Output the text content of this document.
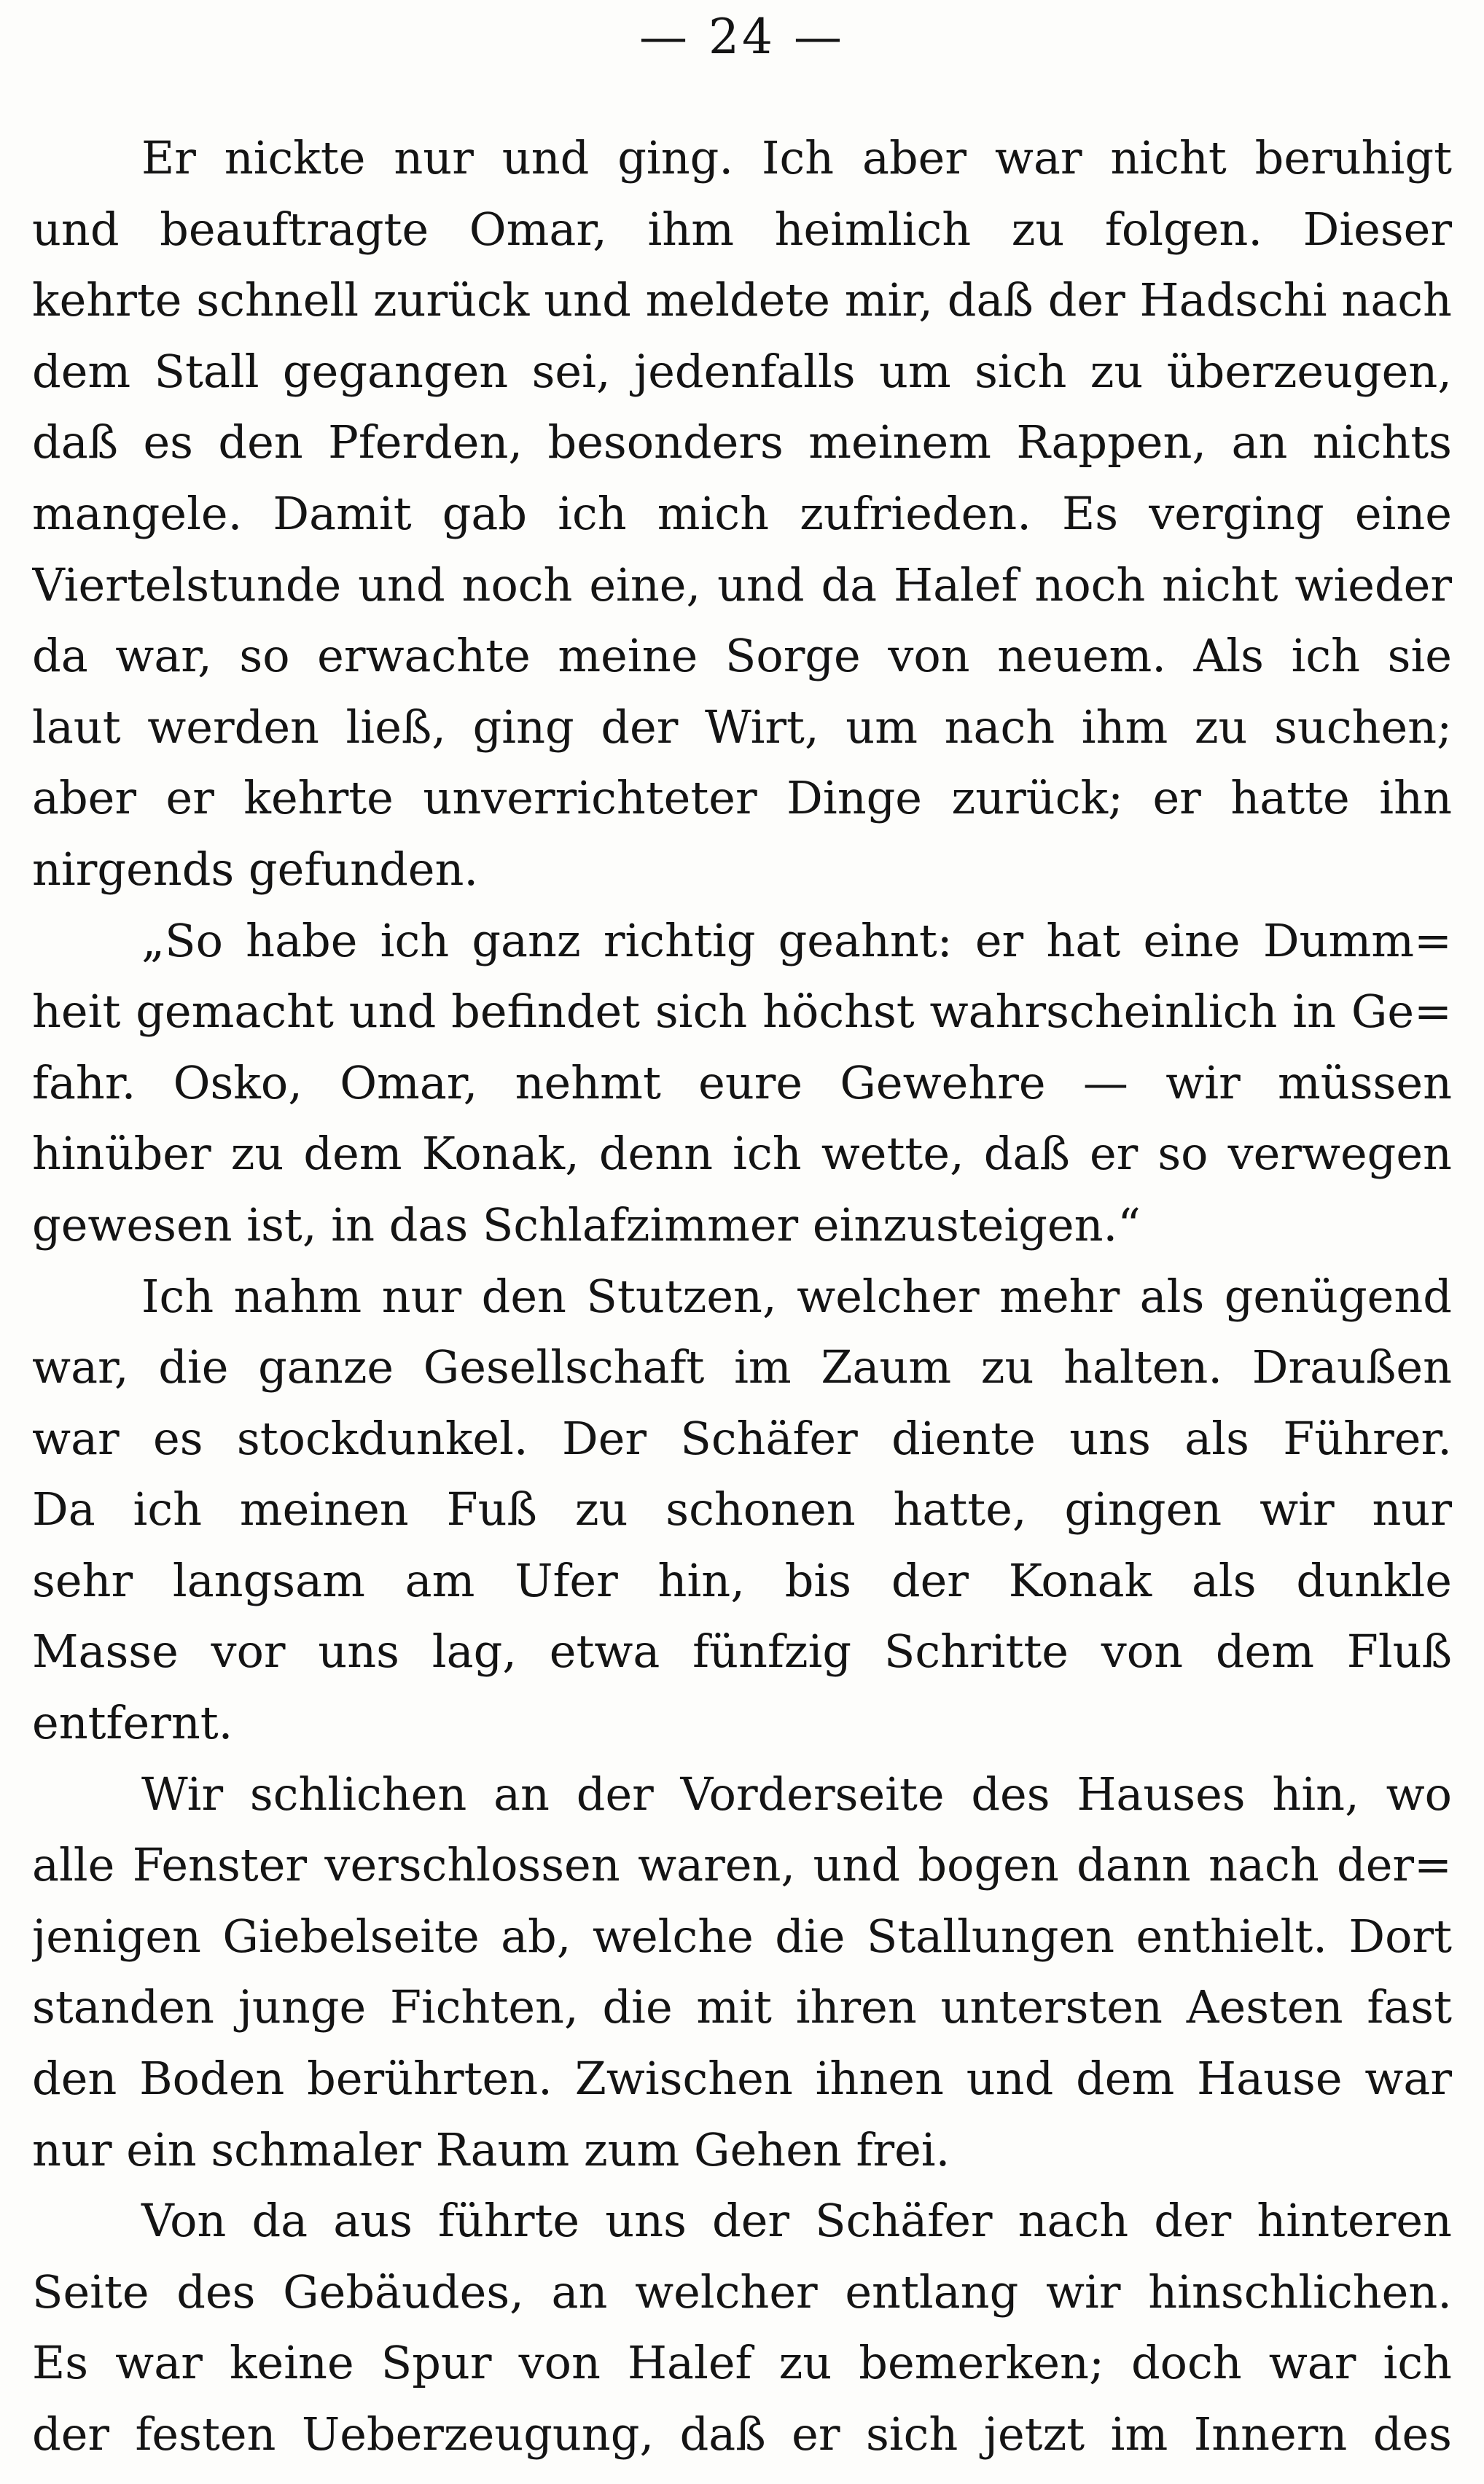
— 24 —
Er nickte nur und ging. Ich aber war nicht beruhigt
und beauftragte Omar, ihm heimlich zu folgen. Dieser
kehrte schnell zurück und meldete mir, daß der Hadschi nach
dem Stall gegangen sei, jedenfalls um sich zu überzeugen,
daß es den Pferden, besonders meinem Rappen, an nichts
mangele. Damit gab ich mich zufrieden. Es verging eine
Viertelstunde und noch eine, und da Halef noch nicht wieder
da war, so erwachte meine Sorge von neuem. Als ich sie
laut werden ließ, ging der Wirt, um nach ihm zu suchen;
aber er kehrte unverrichteter Dinge zurück; er hatte ihn
nirgends gefunden.
„So habe ich ganz richtig geahnt: er hat eine Dumm=
heit gemacht und befindet sich höchst wahrscheinlich in Ge=
fahr. Osko, Omar, nehmt eure Gewehre — wir müssen
hinüber zu dem Konak, denn ich wette, daß er so verwegen
gewesen ist, in das Schlafzimmer einzusteigen.“
Ich nahm nur den Stutzen, welcher mehr als genügend
war, die ganze Gesellschaft im Zaum zu halten. Draußen
war es stockdunkel. Der Schäfer diente uns als Führer.
Da ich meinen Fuß zu schonen hatte, gingen wir nur
sehr langsam am Ufer hin, bis der Konak als dunkle
Masse vor uns lag, etwa fünfzig Schritte von dem Fluß
entfernt.
Wir schlichen an der Vorderseite des Hauses hin, wo
alle Fenster verschlossen waren, und bogen dann nach der=
jenigen Giebelseite ab, welche die Stallungen enthielt. Dort
standen junge Fichten, die mit ihren untersten Aesten fast
den Boden berührten. Zwischen ihnen und dem Hause war
nur ein schmaler Raum zum Gehen frei.
Von da aus führte uns der Schäfer nach der hinteren
Seite des Gebäudes, an welcher entlang wir hinschlichen.
Es war keine Spur von Halef zu bemerken; doch war ich
der festen Ueberzeugung, daß er sich jetzt im Innern des
